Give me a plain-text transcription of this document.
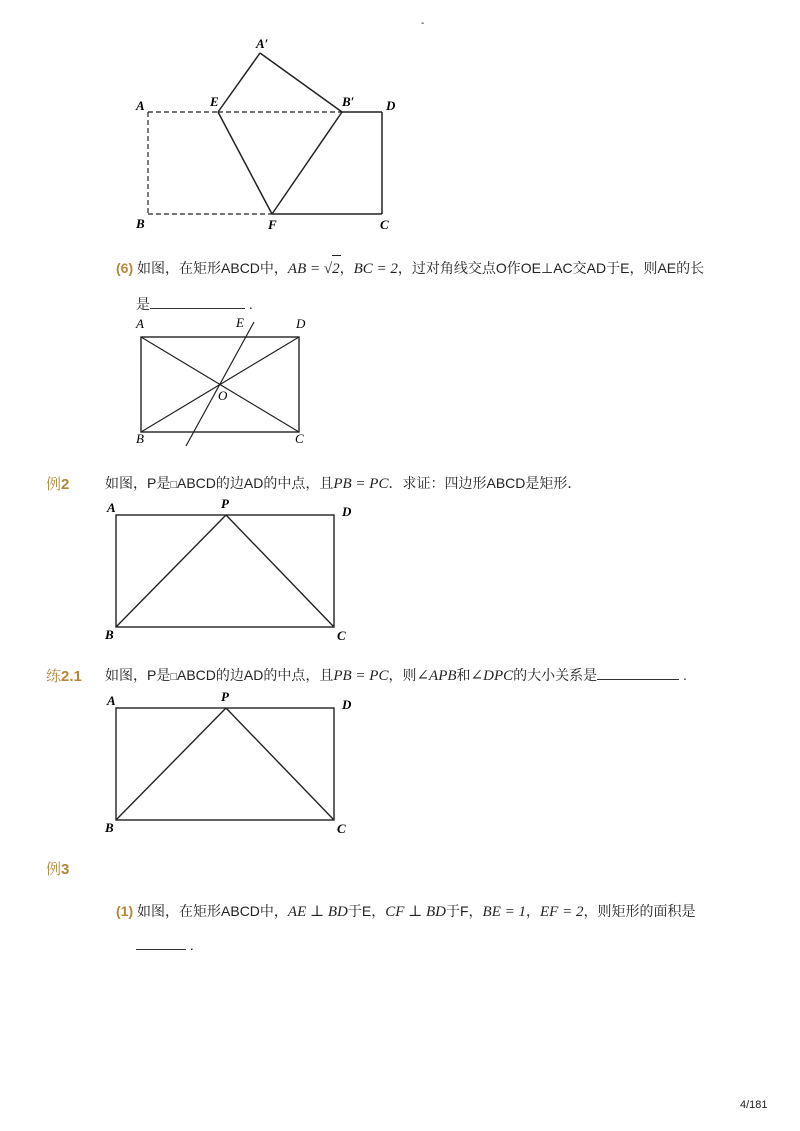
-
A′
A	E	B′ D
B	F	C
(6) 如图，在矩形ABCD中，AB = √
2，BC = 2，过对角线交点O作OE⊥AC交AD于E，则AE的长
是	.
A	E	D
O
B	C
例2	如图，P是□ABCD的边AD的中点，且PB = PC．求证：四边形ABCD是矩形．
A	P
D
B	C
练2.1 如图，P是□ABCD的边AD的中点，且PB = PC，则∠APB和∠DPC的大小关系是	.
A	P
D
B	C
例3
(1) 如图，在矩形ABCD中，AE ⊥ BD于E，CF ⊥ BD于F，BE = 1，EF = 2，则矩形的面积是
.
4/181
